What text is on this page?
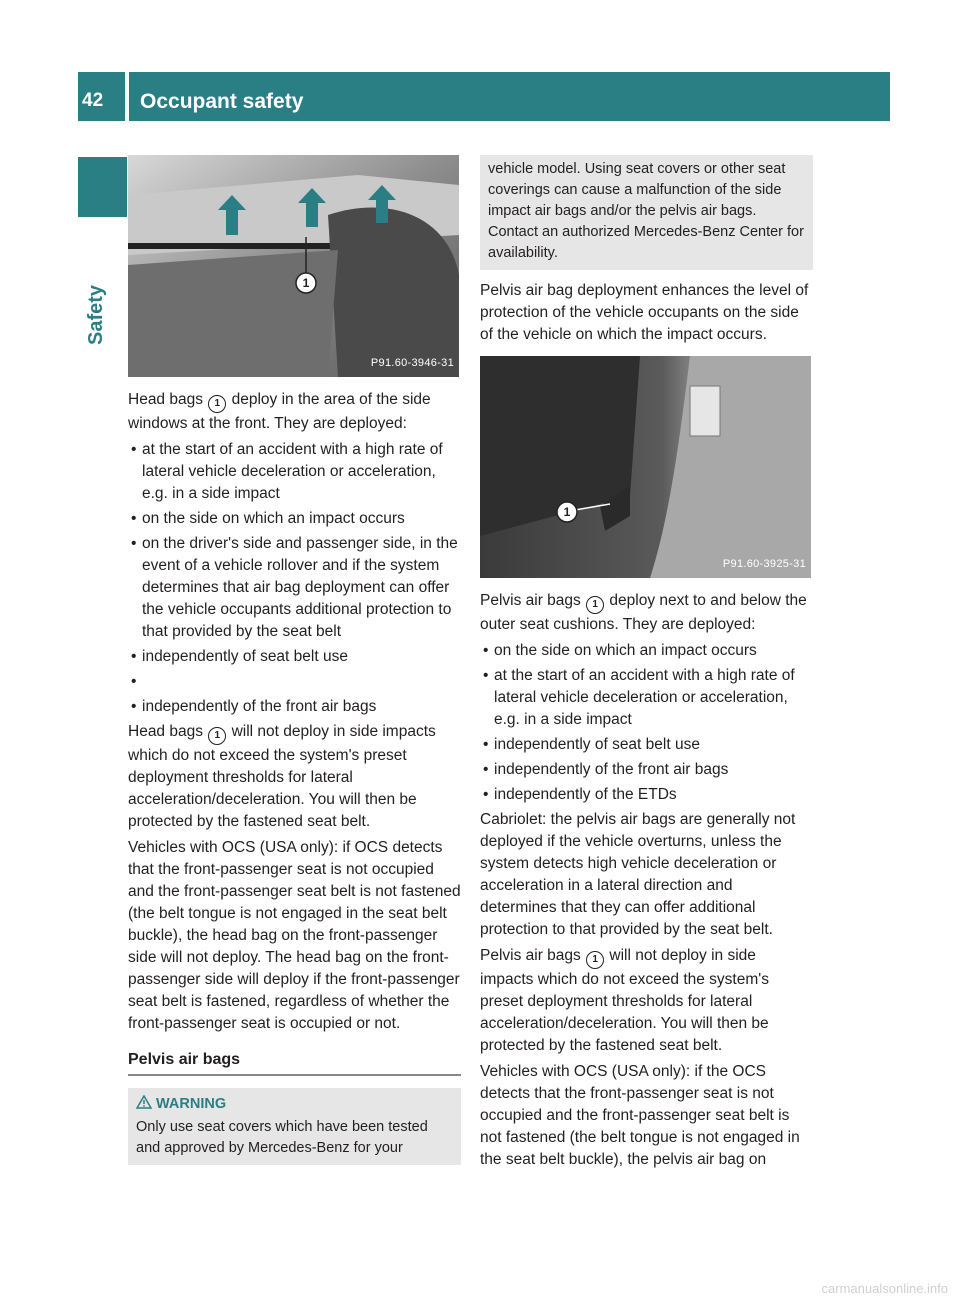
42 Occupant safety
Safety
1
P91.60-3946-31

Head bags 1 deploy in the area of the side windows at the front. They are deployed:

• at the start of an accident with a high rate of lateral vehicle deceleration or acceleration, e.g. in a side impact
• on the side on which an impact occurs
• on the driver's side and passenger side, in the event of a vehicle rollover and if the system determines that air bag deployment can offer the vehicle occupants additional protection to that provided by the seat belt
• independently of seat belt use
•
• independently of the front air bags

Head bags 1 will not deploy in side impacts which do not exceed the system's preset deployment thresholds for lateral acceleration/deceleration. You will then be protected by the fastened seat belt.

Vehicles with OCS (USA only): if OCS detects that the front-passenger seat is not occupied and the front-passenger seat belt is not fastened (the belt tongue is not engaged in the seat belt buckle), the head bag on the front-passenger side will not deploy. The head bag on the front-passenger side will deploy if the front-passenger seat belt is fastened, regardless of whether the front-passenger seat is occupied or not.

Pelvis air bags
WARNING
Only use seat covers which have been tested and approved by Mercedes-Benz for your
vehicle model. Using seat covers or other seat coverings can cause a malfunction of the side impact air bags and/or the pelvis air bags. Contact an authorized Mercedes-Benz Center for availability.

Pelvis air bag deployment enhances the level of protection of the vehicle occupants on the side of the vehicle on which the impact occurs.

1
P91.60-3925-31

Pelvis air bags 1 deploy next to and below the outer seat cushions. They are deployed:

• on the side on which an impact occurs
• at the start of an accident with a high rate of lateral vehicle deceleration or acceleration, e.g. in a side impact
• independently of seat belt use
• independently of the front air bags
• independently of the ETDs

Cabriolet: the pelvis air bags are generally not deployed if the vehicle overturns, unless the system detects high vehicle deceleration or acceleration in a lateral direction and determines that they can offer additional protection to that provided by the seat belt.

Pelvis air bags 1 will not deploy in side impacts which do not exceed the system's preset deployment thresholds for lateral acceleration/deceleration. You will then be protected by the fastened seat belt.

Vehicles with OCS (USA only): if the OCS detects that the front-passenger seat is not occupied and the front-passenger seat belt is not fastened (the belt tongue is not engaged in the seat belt buckle), the pelvis air bag on

carmanualsonline.info
